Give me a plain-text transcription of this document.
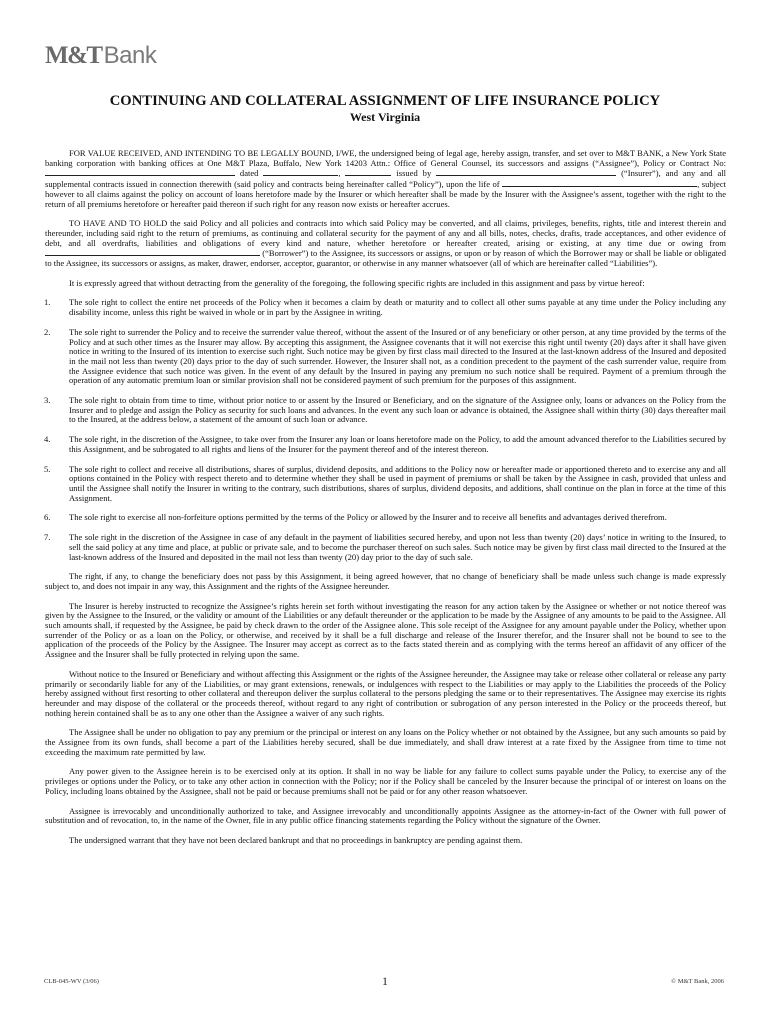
M&T Bank
CONTINUING AND COLLATERAL ASSIGNMENT OF LIFE INSURANCE POLICY
West Virginia

FOR VALUE RECEIVED, AND INTENDING TO BE LEGALLY BOUND, I/WE, the undersigned being of legal age, hereby assign, transfer, and set over to M&T BANK, a New York State banking corporation with banking offices at One M&T Plaza, Buffalo, New York 14203 Attn.: Office of General Counsel, its successors and assigns (“Assignee”), Policy or Contract No:  dated	,	issued by	(“Insurer”), and any and all supplemental contracts issued in connection therewith (said policy and contracts being hereinafter called “Policy”), upon the life of	, subject however to all claims against the policy on account of loans heretofore made by the Insurer or which hereafter shall be made by the Insurer with the Assignee’s assent, together with the right to the return of all premiums heretofore or hereafter paid thereon if such right for any reason now exists or hereafter accrues.

TO HAVE AND TO HOLD the said Policy and all policies and contracts into which said Policy may be converted, and all claims, privileges, benefits, rights, title and interest therein and thereunder, including said right to the return of premiums, as continuing and collateral security for the payment of any and all bills, notes, checks, drafts, trade acceptances, and other evidence of debt, and all overdrafts, liabilities and obligations of every kind and nature, whether heretofore or hereafter created, arising or existing, at any time due or owing from  (“Borrower”) to the Assignee, its successors or assigns, or upon or by reason of which the Borrower may or shall be liable or obligated to the Assignee, its successors or assigns, as maker, drawer, endorser, acceptor, guarantor, or otherwise in any manner whatsoever (all of which are hereinafter called “Liabilities”).

It is expressly agreed that without detracting from the generality of the foregoing, the following specific rights are included in this assignment and pass by virtue hereof:

1. The sole right to collect the entire net proceeds of the Policy when it becomes a claim by death or maturity and to collect all other sums payable at any time under the Policy including any disability income, unless this right be waived in whole or in part by the Assignee in writing.
2. The sole right to surrender the Policy and to receive the surrender value thereof, without the assent of the Insured or of any beneficiary or other person, at any time provided by the terms of the Policy and at such other times as the Insurer may allow. By accepting this assignment, the Assignee covenants that it will not exercise this right until twenty (20) days after it shall have given notice in writing to the Insured of its intention to exercise such right. Such notice may be given by first class mail directed to the Insured at the last-known address of the Insured and deposited in the mail not less than twenty (20) days prior to the day of such surrender. However, the Insurer shall not, as a condition precedent to the payment of the cash surrender value, require from the Assignee evidence that such notice was given. In the event of any default by the Insured in paying any premium no such notice shall be required. Payment of a premium through the operation of any automatic premium loan or similar provision shall not be considered payment of such premium for the purposes of this assignment.
3. The sole right to obtain from time to time, without prior notice to or assent by the Insured or Beneficiary, and on the signature of the Assignee only, loans or advances on the Policy from the Insurer and to pledge and assign the Policy as security for such loans and advances. In the event any such loan or advance is obtained, the Assignee shall within thirty (30) days thereafter mail to the Insured, at the address below, a statement of the amount of such loan or advance.
4. The sole right, in the discretion of the Assignee, to take over from the Insurer any loan or loans heretofore made on the Policy, to add the amount advanced therefor to the Liabilities secured by this Assignment, and be subrogated to all rights and liens of the Insurer for the payment thereof and of the interest thereon.
5. The sole right to collect and receive all distributions, shares of surplus, dividend deposits, and additions to the Policy now or hereafter made or apportioned thereto and to exercise any and all options contained in the Policy with respect thereto and to determine whether they shall be used in payment of premiums or shall be taken by the Assignee in cash, provided that unless and until the Assignee shall notify the Insurer in writing to the contrary, such distributions, shares of surplus, dividend deposits, and additions, shall continue on the plan in force at the time of this Assignment.
6. The sole right to exercise all non-forfeiture options permitted by the terms of the Policy or allowed by the Insurer and to receive all benefits and advantages derived therefrom.
7. The sole right in the discretion of the Assignee in case of any default in the payment of liabilities secured hereby, and upon not less than twenty (20) days’ notice in writing to the Insured, to sell the said policy at any time and place, at public or private sale, and to become the purchaser thereof on such sales. Such notice may be given by first class mail directed to the Insured at the last-known address of the Insured and deposited in the mail not less than twenty (20) day prior to the day of such sale.

The right, if any, to change the beneficiary does not pass by this Assignment, it being agreed however, that no change of beneficiary shall be made unless such change is made expressly subject to, and does not impair in any way, this Assignment and the rights of the Assignee hereunder.

The Insurer is hereby instructed to recognize the Assignee’s rights herein set forth without investigating the reason for any action taken by the Assignee or whether or not notice thereof was given by the Assignee to the Insured, or the validity or amount of the Liabilities or any default thereunder or the application to be made by the Assignee of any amounts to be paid to the Assignee. All such amounts shall, if requested by the Assignee, be paid by check drawn to the order of the Assignee alone. This sole receipt of the Assignee for any amount payable under the Policy, whether upon surrender of the Policy or as a loan on the Policy, or otherwise, and received by it shall be a full discharge and release of the Insurer therefor, and the Insurer shall not be bound to see to the application of the proceeds of the Policy by the Assignee. The Insurer may accept as correct as to the facts stated therein and as complying with the terms hereof an affidavit of any officer of the Assignee and the Insurer shall be fully protected in relying upon the same.

Without notice to the Insured or Beneficiary and without affecting this Assignment or the rights of the Assignee hereunder, the Assignee may take or release other collateral or release any party primarily or secondarily liable for any of the Liabilities, or may grant extensions, renewals, or indulgences with respect to the Liabilities or may apply to the Liabilities the proceeds of the Policy hereby assigned without first resorting to other collateral and thereupon deliver the surplus collateral to the persons pledging the same or to their representatives. The Assignee may exercise its rights hereunder and may dispose of the collateral or the proceeds thereof, without regard to any right of contribution or subrogation of any person interested in the Policy or the proceeds thereof, but nothing herein contained shall be as to any one other than the Assignee a waiver of any such rights.

The Assignee shall be under no obligation to pay any premium or the principal or interest on any loans on the Policy whether or not obtained by the Assignee, but any such amounts so paid by the Assignee from its own funds, shall become a part of the Liabilities hereby secured, shall be due immediately, and shall draw interest at a rate fixed by the Assignee from time to time not exceeding the maximum rate permitted by law.

Any power given to the Assignee herein is to be exercised only at its option. It shall in no way be liable for any failure to collect sums payable under the Policy, to exercise any of the privileges or options under the Policy, or to take any other action in connection with the Policy; nor if the Policy shall be canceled by the Insurer because the principal of or interest on loans on the Policy, including loans obtained by the Assignee, shall not be paid or because premiums shall not be paid or for any other reason whatsoever.

Assignee is irrevocably and unconditionally authorized to take, and Assignee irrevocably and unconditionally appoints Assignee as the attorney-in-fact of the Owner with full power of substitution and of revocation, to, in the name of the Owner, file in any public office financing statements regarding the Policy without the signature of the Owner.

The undersigned warrant that they have not been declared bankrupt and that no proceedings in bankruptcy are pending against them.

CLB-045-WV (3/06)	1	© M&T Bank, 2006
